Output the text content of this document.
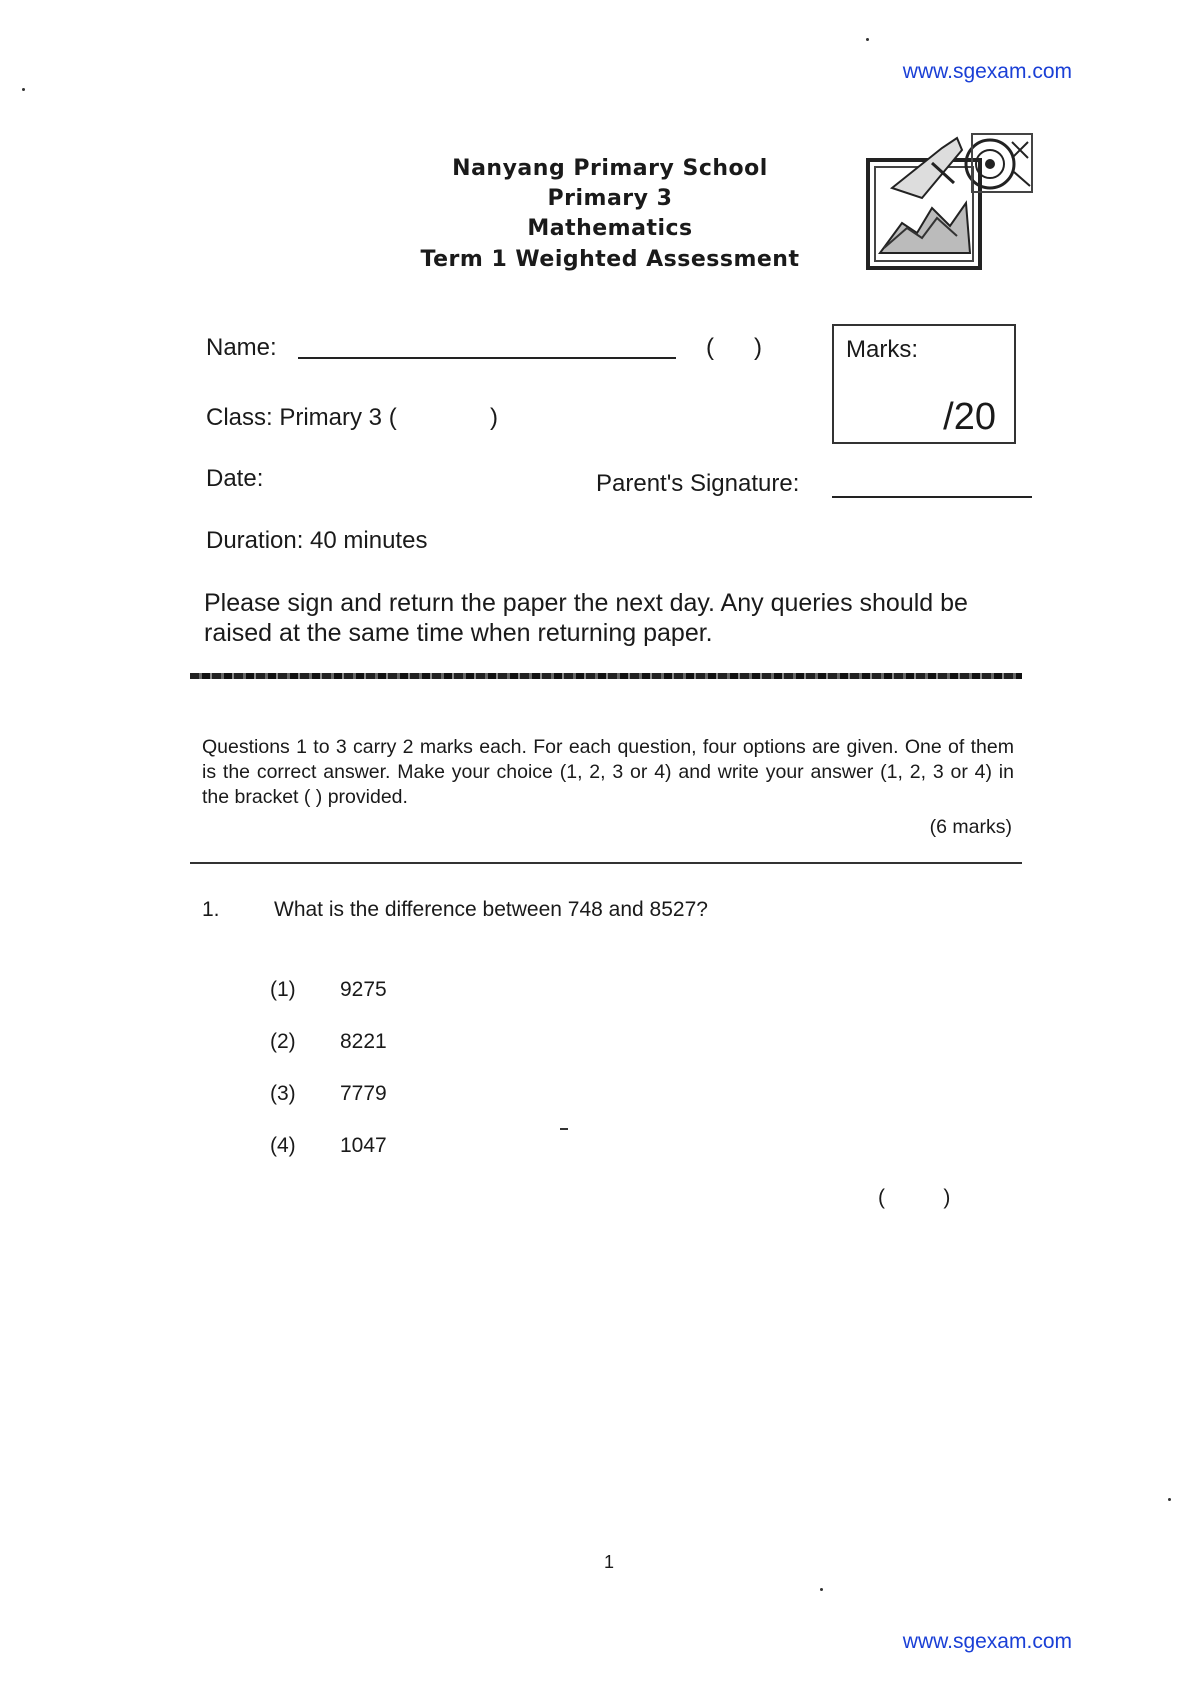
www.sgexam.com
Nanyang Primary School
Primary 3
Mathematics
Term 1 Weighted Assessment
Name:	(      )	Marks:
/20
Class: Primary 3 (	)
Date:	Parent's Signature:
Duration: 40 minutes
Please sign and return the paper the next day. Any queries should be raised at the same time when returning paper.
Questions 1 to 3 carry 2 marks each. For each question, four options are given. One of them is the correct answer. Make your choice (1, 2, 3 or 4) and write your answer (1, 2, 3 or 4) in the bracket ( ) provided.
(6 marks)
1.	What is the difference between 748 and 8527?
(1) 9275
(2) 8221
(3) 7779
(4) 1047
(          )
1
www.sgexam.com
